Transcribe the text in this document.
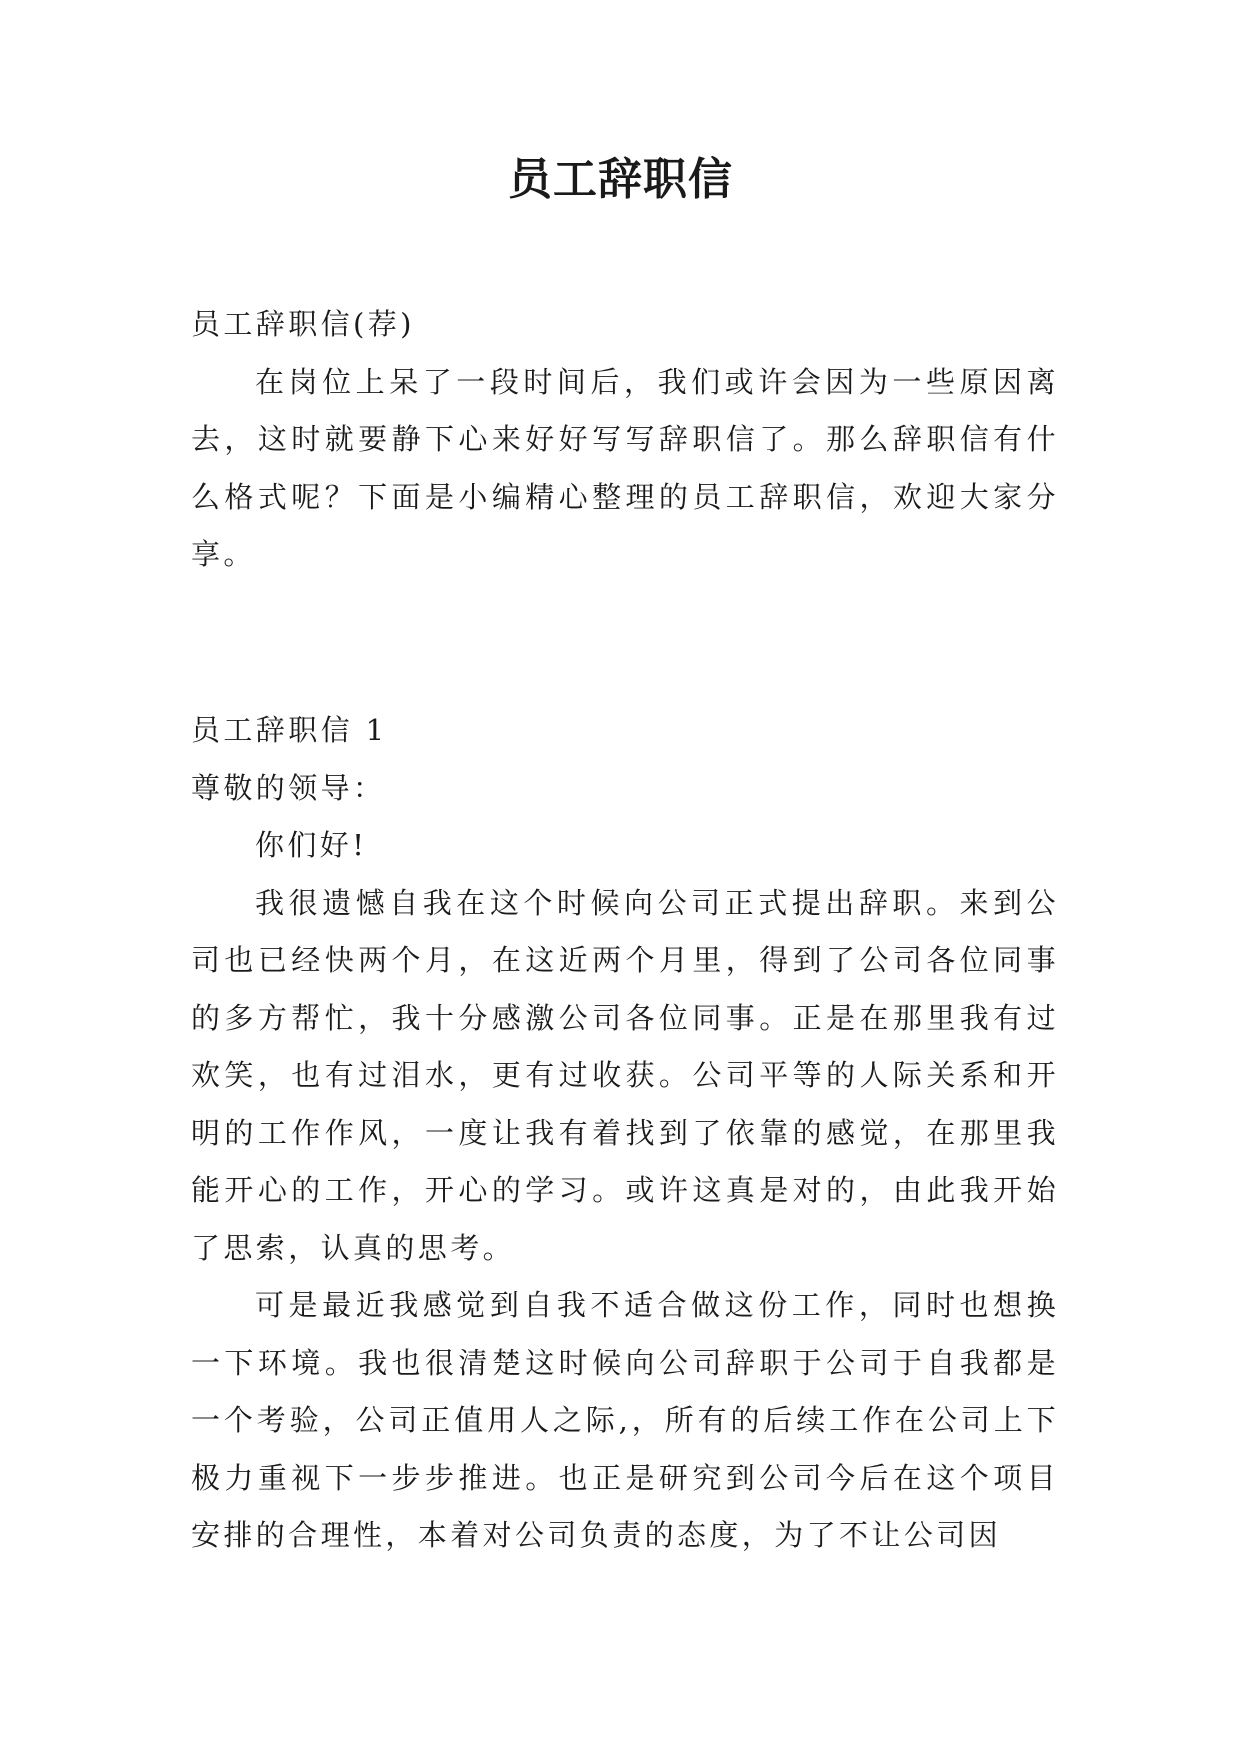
员工辞职信

员工辞职信(荐)

在岗位上呆了一段时间后，我们或许会因为一些原因离去，这时就要静下心来好好写写辞职信了。那么辞职信有什么格式呢？下面是小编精心整理的员工辞职信，欢迎大家分享。

员工辞职信 1

尊敬的领导：

你们好!

我很遗憾自我在这个时候向公司正式提出辞职。来到公司也已经快两个月，在这近两个月里，得到了公司各位同事的多方帮忙，我十分感激公司各位同事。正是在那里我有过欢笑，也有过泪水，更有过收获。公司平等的人际关系和开明的工作作风，一度让我有着找到了依靠的感觉，在那里我能开心的工作，开心的学习。或许这真是对的，由此我开始了思索，认真的思考。

可是最近我感觉到自我不适合做这份工作，同时也想换一下环境。我也很清楚这时候向公司辞职于公司于自我都是一个考验，公司正值用人之际,，所有的后续工作在公司上下极力重视下一步步推进。也正是研究到公司今后在这个项目安排的合理性，本着对公司负责的态度，为了不让公司因
